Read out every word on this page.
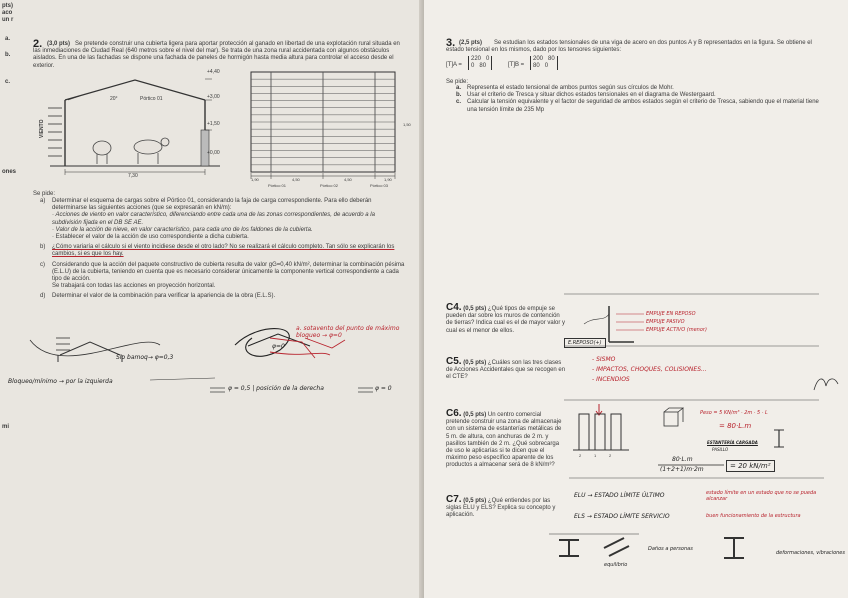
pts)
aco
un r
a.
b.
c.
ones
mi
2. (3,0 pts) Se pretende construir una cubierta ligera para aportar protección al ganado en libertad de una explotación rural situada en las inmediaciones de Ciudad Real (640 metros sobre el nivel del mar). Se trata de una zona rural accidentada con algunos obstáculos aislados. En una de las fachadas se dispone una fachada de paneles de hormigón hasta media altura para controlar el acceso desde el exterior.
+4,40
+3,00
+1,50
+0,00
20°	Pórtico 01
VIENTO
7,30
1,90	4,50	4,50	1,90
Pórtico 01	Pórtico 02	Pórtico 03
1,50
Se pide:
a) Determinar el esquema de cargas sobre el Pórtico 01, considerando la faja de carga correspondiente. Para ello deberán determinarse las siguientes acciones (que se expresarán en kN/m):
· Acciones de viento en valor característico, diferenciando entre cada una de las zonas correspondientes, de acuerdo a la subdivisión fijada en el DB SE AE.
· Valor de la acción de nieve, en valor característico, para cada uno de los faldones de la cubierta.
· Establecer el valor de la acción de uso correspondiente a dicha cubierta.
b) ¿Cómo variaría el cálculo si el viento incidiese desde el otro lado? No se realizará el cálculo completo. Tan sólo se explicarán los cambios, si es que los hay.
c) Considerando que la acción del paquete constructivo de cubierta resulta de valor gG=0,40 kN/m², determinar la combinación pésima (E.L.U) de la cubierta, teniendo en cuenta que es necesario considerar únicamente la componente vertical correspondiente a cada tipo de acción.
Se trabajará con todas las acciones en proyección horizontal.
d) Determinar el valor de la combinación para verificar la apariencia de la obra (E.L.S).
Slo bamoq→ φ=0,3
a. sotavento del punto de máximo bloqueo → φ=0
φ=0
Bloqueo/mínimo → por la izquierda
φ = 0,5 | posición de la derecha	φ = 0
3. (2,5 pts)	Se estudian los estados tensionales de una viga de acero en dos puntos A y B representados en la figura. Se obtiene el estado tensional en los mismos, dado por los tensores siguientes:
[T]A =
220 0
0 80	[T]B =
200 80
80 0
Se pide:
a. Representa el estado tensional de ambos puntos según sus círculos de Mohr.
b. Usar el criterio de Tresca y situar dichos estados tensionales en el diagrama de Westergaard.
c. Calcular la tensión equivalente y el factor de seguridad de ambos estados según el criterio de Tresca, sabiendo que el material tiene una tensión límite de 235 Mp
C4. (0,5 pts) ¿Qué tipos de empuje se pueden dar sobre los muros de contención de tierras? Indica cual es el de mayor valor y cual es el menor de ellos.
EMPUJE EN REPOSO
EMPUJE PASIVO
EMPUJE ACTIVO (menor)
E.REPOSO(+)
C5. (0,5 pts) ¿Cuáles son las tres clases de Acciones Accidentales que se recogen en el CTE?
- SISMO
- IMPACTOS, CHOQUES, COLISIONES...
- INCENDIOS
C6. (0,5 pts) Un centro comercial pretende construir una zona de almacenaje con un sistema de estanterías metálicas de 5 m. de altura, con anchuras de 2 m. y pasillos también de 2 m. ¿Qué sobrecarga de uso le aplicarías si te dicen que el máximo peso específico aparente de los productos a almacenar será de 8 kN/m³?
2	1	2
Peso = 5 KN/m³ · 2m · 5 · L
= 80·L.m
ESTANTERÍA CARGADA
PASILLO
80·L.m
(1+2+1)m·2m	= 20 kN/m²
C7. (0,5 pts) ¿Qué entiendes por las siglas ELU y ELS? Explica su concepto y aplicación.
ELU → ESTADO LÍMITE ÚLTIMO	estado límite en un estado que no se pueda alcanzar
ELS → ESTADO LÍMITE SERVICIO	buen funcionamiento de la estructura
Daños a personas
equilibrio
deformaciones, vibraciones
